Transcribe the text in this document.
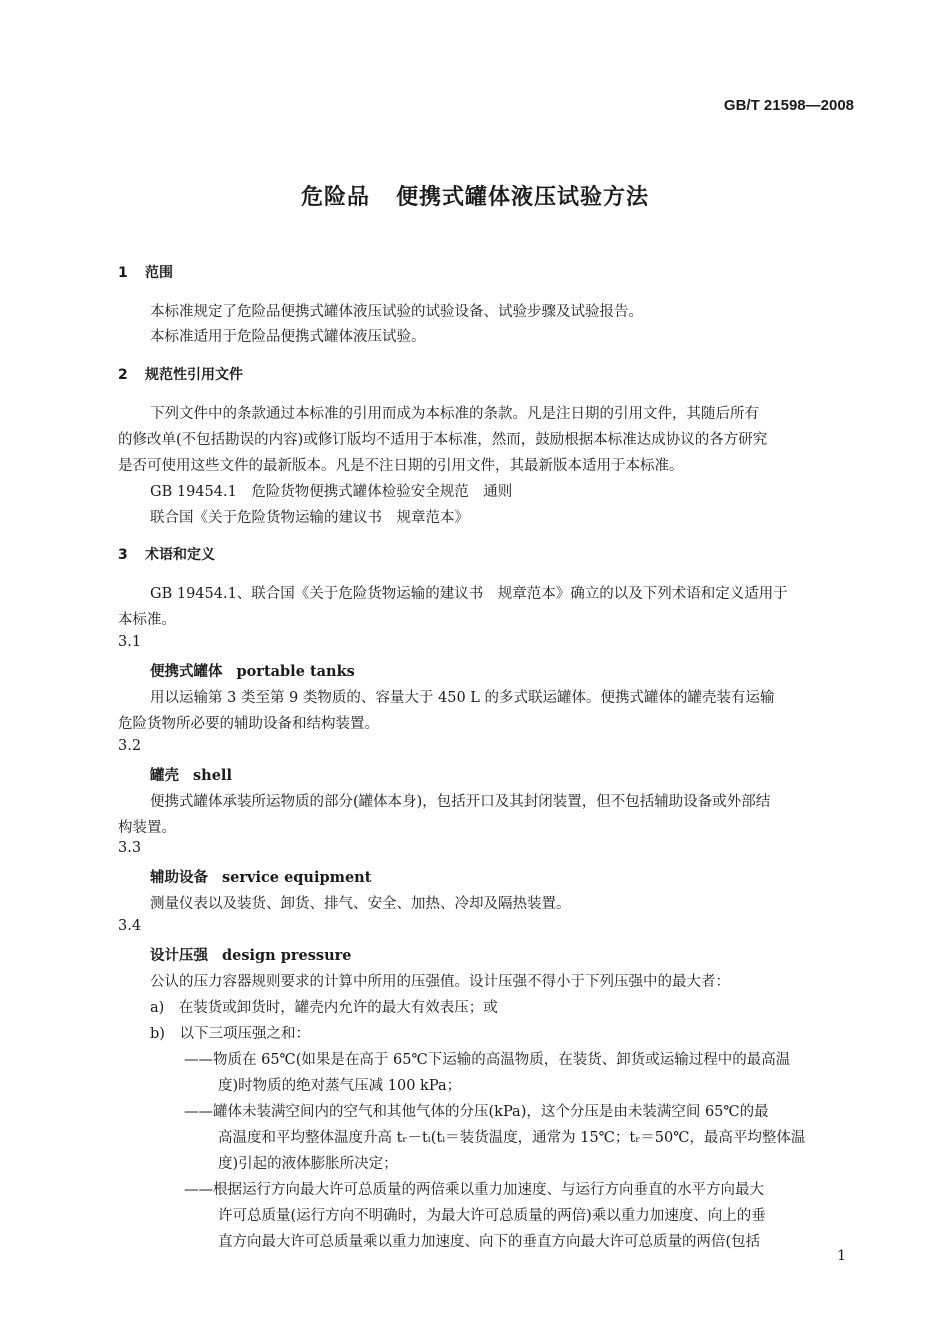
GB/T 21598—2008
危险品 便携式罐体液压试验方法
1 范围
本标准规定了危险品便携式罐体液压试验的试验设备、试验步骤及试验报告。
本标准适用于危险品便携式罐体液压试验。
2 规范性引用文件
下列文件中的条款通过本标准的引用而成为本标准的条款。凡是注日期的引用文件，其随后所有
的修改单(不包括勘误的内容)或修订版均不适用于本标准，然而，鼓励根据本标准达成协议的各方研究
是否可使用这些文件的最新版本。凡是不注日期的引用文件，其最新版本适用于本标准。
GB 19454.1　危险货物便携式罐体检验安全规范　通则
联合国《关于危险货物运输的建议书　规章范本》
3 术语和定义
GB 19454.1、联合国《关于危险货物运输的建议书　规章范本》确立的以及下列术语和定义适用于
本标准。
3.1
便携式罐体 portable tanks
用以运输第 3 类至第 9 类物质的、容量大于 450 L 的多式联运罐体。便携式罐体的罐壳装有运输
危险货物所必要的辅助设备和结构装置。
3.2
罐壳 shell
便携式罐体承装所运物质的部分(罐体本身)，包括开口及其封闭装置，但不包括辅助设备或外部结
构装置。
3.3
辅助设备 service equipment
测量仪表以及装货、卸货、排气、安全、加热、冷却及隔热装置。
3.4
设计压强 design pressure
公认的压力容器规则要求的计算中所用的压强值。设计压强不得小于下列压强中的最大者：
a)　在装货或卸货时，罐壳内允许的最大有效表压；或
b)　以下三项压强之和：
——物质在 65℃(如果是在高于 65℃下运输的高温物质，在装货、卸货或运输过程中的最高温
度)时物质的绝对蒸气压减 100 kPa；
——罐体未装满空间内的空气和其他气体的分压(kPa)，这个分压是由未装满空间 65℃的最
高温度和平均整体温度升高 tᵣ－tᵢ(tᵢ＝装货温度，通常为 15℃；tᵣ＝50℃，最高平均整体温
度)引起的液体膨胀所决定；
——根据运行方向最大许可总质量的两倍乘以重力加速度、与运行方向垂直的水平方向最大
许可总质量(运行方向不明确时，为最大许可总质量的两倍)乘以重力加速度、向上的垂
直方向最大许可总质量乘以重力加速度、向下的垂直方向最大许可总质量的两倍(包括
1
